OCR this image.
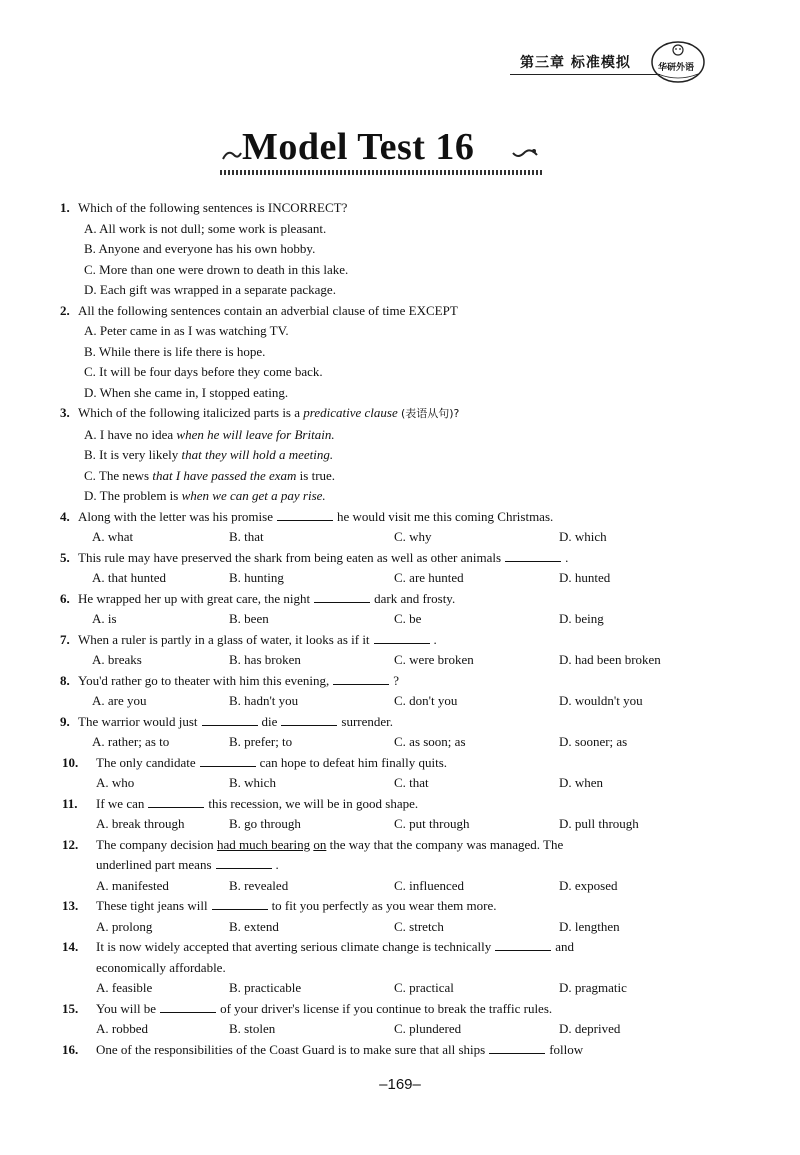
第三章 标准模拟	华研外语
Model Test 16
1. Which of the following sentences is INCORRECT?
A. All work is not dull; some work is pleasant.
B. Anyone and everyone has his own hobby.
C. More than one were drown to death in this lake.
D. Each gift was wrapped in a separate package.
2. All the following sentences contain an adverbial clause of time EXCEPT
A. Peter came in as I was watching TV.
B. While there is life there is hope.
C. It will be four days before they come back.
D. When she came in, I stopped eating.
3. Which of the following italicized parts is a predicative clause (表语从句)?
A. I have no idea when he will leave for Britain.
B. It is very likely that they will hold a meeting.
C. The news that I have passed the exam is true.
D. The problem is when we can get a pay rise.
4. Along with the letter was his promise	he would visit me this coming Christmas.
A. what	B. that	C. why	D. which
5. This rule may have preserved the shark from being eaten as well as other animals	.
A. that hunted	B. hunting	C. are hunted	D. hunted
6. He wrapped her up with great care, the night	dark and frosty.
A. is	B. been	C. be	D. being
7. When a ruler is partly in a glass of water, it looks as if it	.
A. breaks	B. has broken	C. were broken	D. had been broken
8. You'd rather go to theater with him this evening,	?
A. are you	B. hadn't you	C. don't you	D. wouldn't you
9. The warrior would just	die	surrender.
A. rather; as to	B. prefer; to	C. as soon; as	D. sooner; as
10. The only candidate	can hope to defeat him finally quits.
A. who	B. which	C. that	D. when
11. If we can	this recession, we will be in good shape.
A. break through	B. go through	C. put through	D. pull through
12. The company decision had much bearing on the way that the company was managed. The
underlined part means	.
A. manifested	B. revealed	C. influenced	D. exposed
13. These tight jeans will	to fit you perfectly as you wear them more.
A. prolong	B. extend	C. stretch	D. lengthen
14. It is now widely accepted that averting serious climate change is technically	and
economically affordable.
A. feasible	B. practicable	C. practical	D. pragmatic
15. You will be	of your driver's license if you continue to break the traffic rules.
A. robbed	B. stolen	C. plundered	D. deprived
16. One of the responsibilities of the Coast Guard is to make sure that all ships	follow
–169–
